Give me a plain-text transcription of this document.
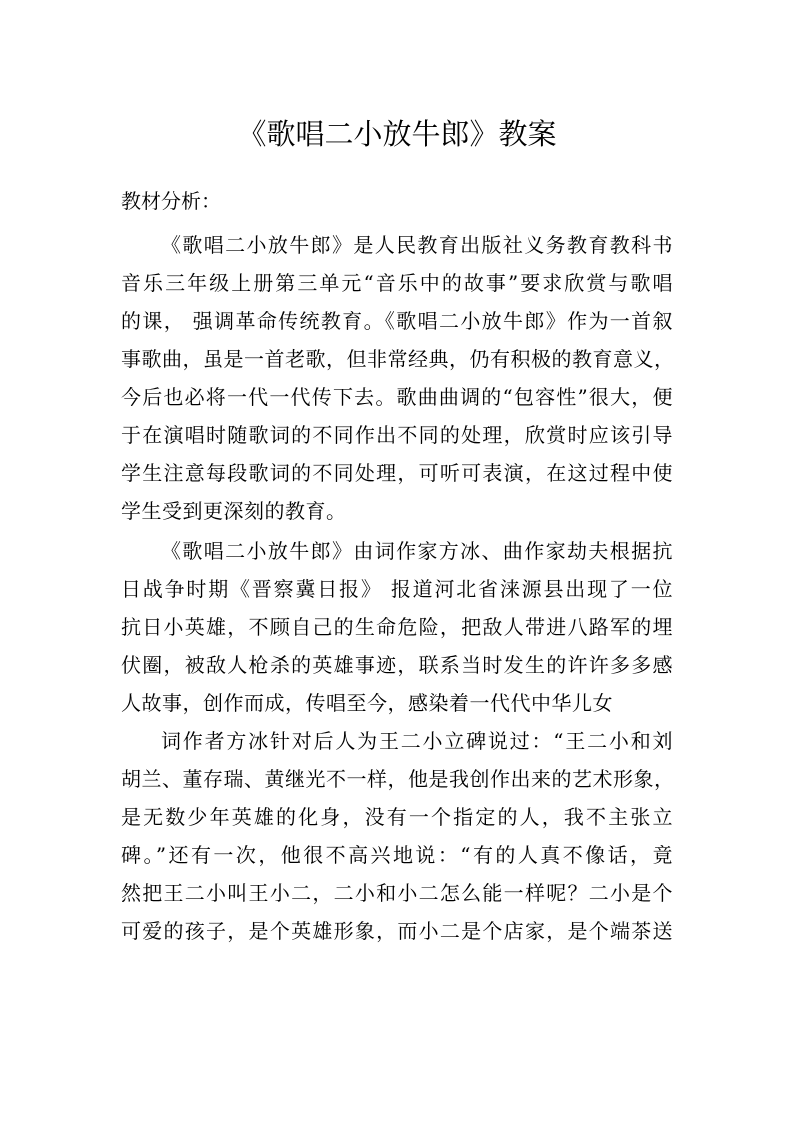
《歌唱二小放牛郎》教案
教材分析：
《歌唱二小放牛郎》是人民教育出版社义务教育教科书
音乐三年级上册第三单元“音乐中的故事”要求欣赏与歌唱
的课， 强调革命传统教育。《歌唱二小放牛郎》作为一首叙
事歌曲，虽是一首老歌，但非常经典，仍有积极的教育意义，
今后也必将一代一代传下去。歌曲曲调的“包容性”很大，便
于在演唱时随歌词的不同作出不同的处理，欣赏时应该引导
学生注意每段歌词的不同处理，可听可表演，在这过程中使
学生受到更深刻的教育。
《歌唱二小放牛郎》由词作家方冰、曲作家劫夫根据抗
日战争时期《晋察冀日报》 报道河北省涞源县出现了一位
抗日小英雄，不顾自己的生命危险，把敌人带进八路军的埋
伏圈，被敌人枪杀的英雄事迹，联系当时发生的许许多多感
人故事，创作而成，传唱至今，感染着一代代中华儿女
词作者方冰针对后人为王二小立碑说过：“王二小和刘
胡兰、董存瑞、黄继光不一样，他是我创作出来的艺术形象，
是无数少年英雄的化身，没有一个指定的人，我不主张立
碑。”还有一次，他很不高兴地说：“有的人真不像话，竟
然把王二小叫王小二，二小和小二怎么能一样呢？二小是个
可爱的孩子，是个英雄形象，而小二是个店家，是个端茶送
